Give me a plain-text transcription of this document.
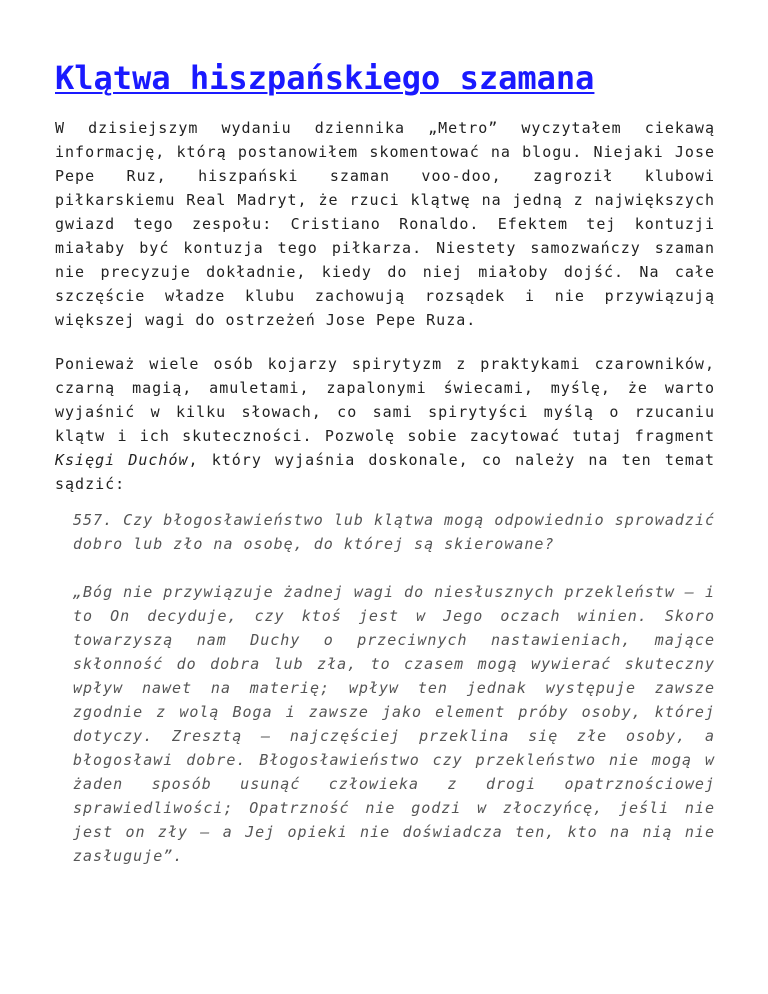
Klątwa hiszpańskiego szamana

W dzisiejszym wydaniu dziennika „Metro” wyczytałem ciekawą informację, którą postanowiłem skomentować na blogu. Niejaki Jose Pepe Ruz, hiszpański szaman voo-doo, zagroził klubowi piłkarskiemu Real Madryt, że rzuci klątwę na jedną z największych gwiazd tego zespołu: Cristiano Ronaldo. Efektem tej kontuzji miałaby być kontuzja tego piłkarza. Niestety samozwańczy szaman nie precyzuje dokładnie, kiedy do niej miałoby dojść. Na całe szczęście władze klubu zachowują rozsądek i nie przywiązują większej wagi do ostrzeżeń Jose Pepe Ruza.

Ponieważ wiele osób kojarzy spirytyzm z praktykami czarowników, czarną magią, amuletami, zapalonymi świecami, myślę, że warto wyjaśnić w kilku słowach, co sami spirytyści myślą o rzucaniu klątw i ich skuteczności. Pozwolę sobie zacytować tutaj fragment Księgi Duchów, który wyjaśnia doskonale, co należy na ten temat sądzić:

557. Czy błogosławieństwo lub klątwa mogą odpowiednio sprowadzić dobro lub zło na osobę, do której są skierowane?

„Bóg nie przywiązuje żadnej wagi do niesłusznych przekleństw – i to On decyduje, czy ktoś jest w Jego oczach winien. Skoro towarzyszą nam Duchy o przeciwnych nastawieniach, mające skłonność do dobra lub zła, to czasem mogą wywierać skuteczny wpływ nawet na materię; wpływ ten jednak występuje zawsze zgodnie z wolą Boga i zawsze jako element próby osoby, której dotyczy. Zresztą – najczęściej przeklina się złe osoby, a błogosławi dobre. Błogosławieństwo czy przekleństwo nie mogą w żaden sposób usunąć człowieka z drogi opatrznościowej sprawiedliwości; Opatrzność nie godzi w złoczyńcę, jeśli nie jest on zły – a Jej opieki nie doświadcza ten, kto na nią nie zasługuje”.
